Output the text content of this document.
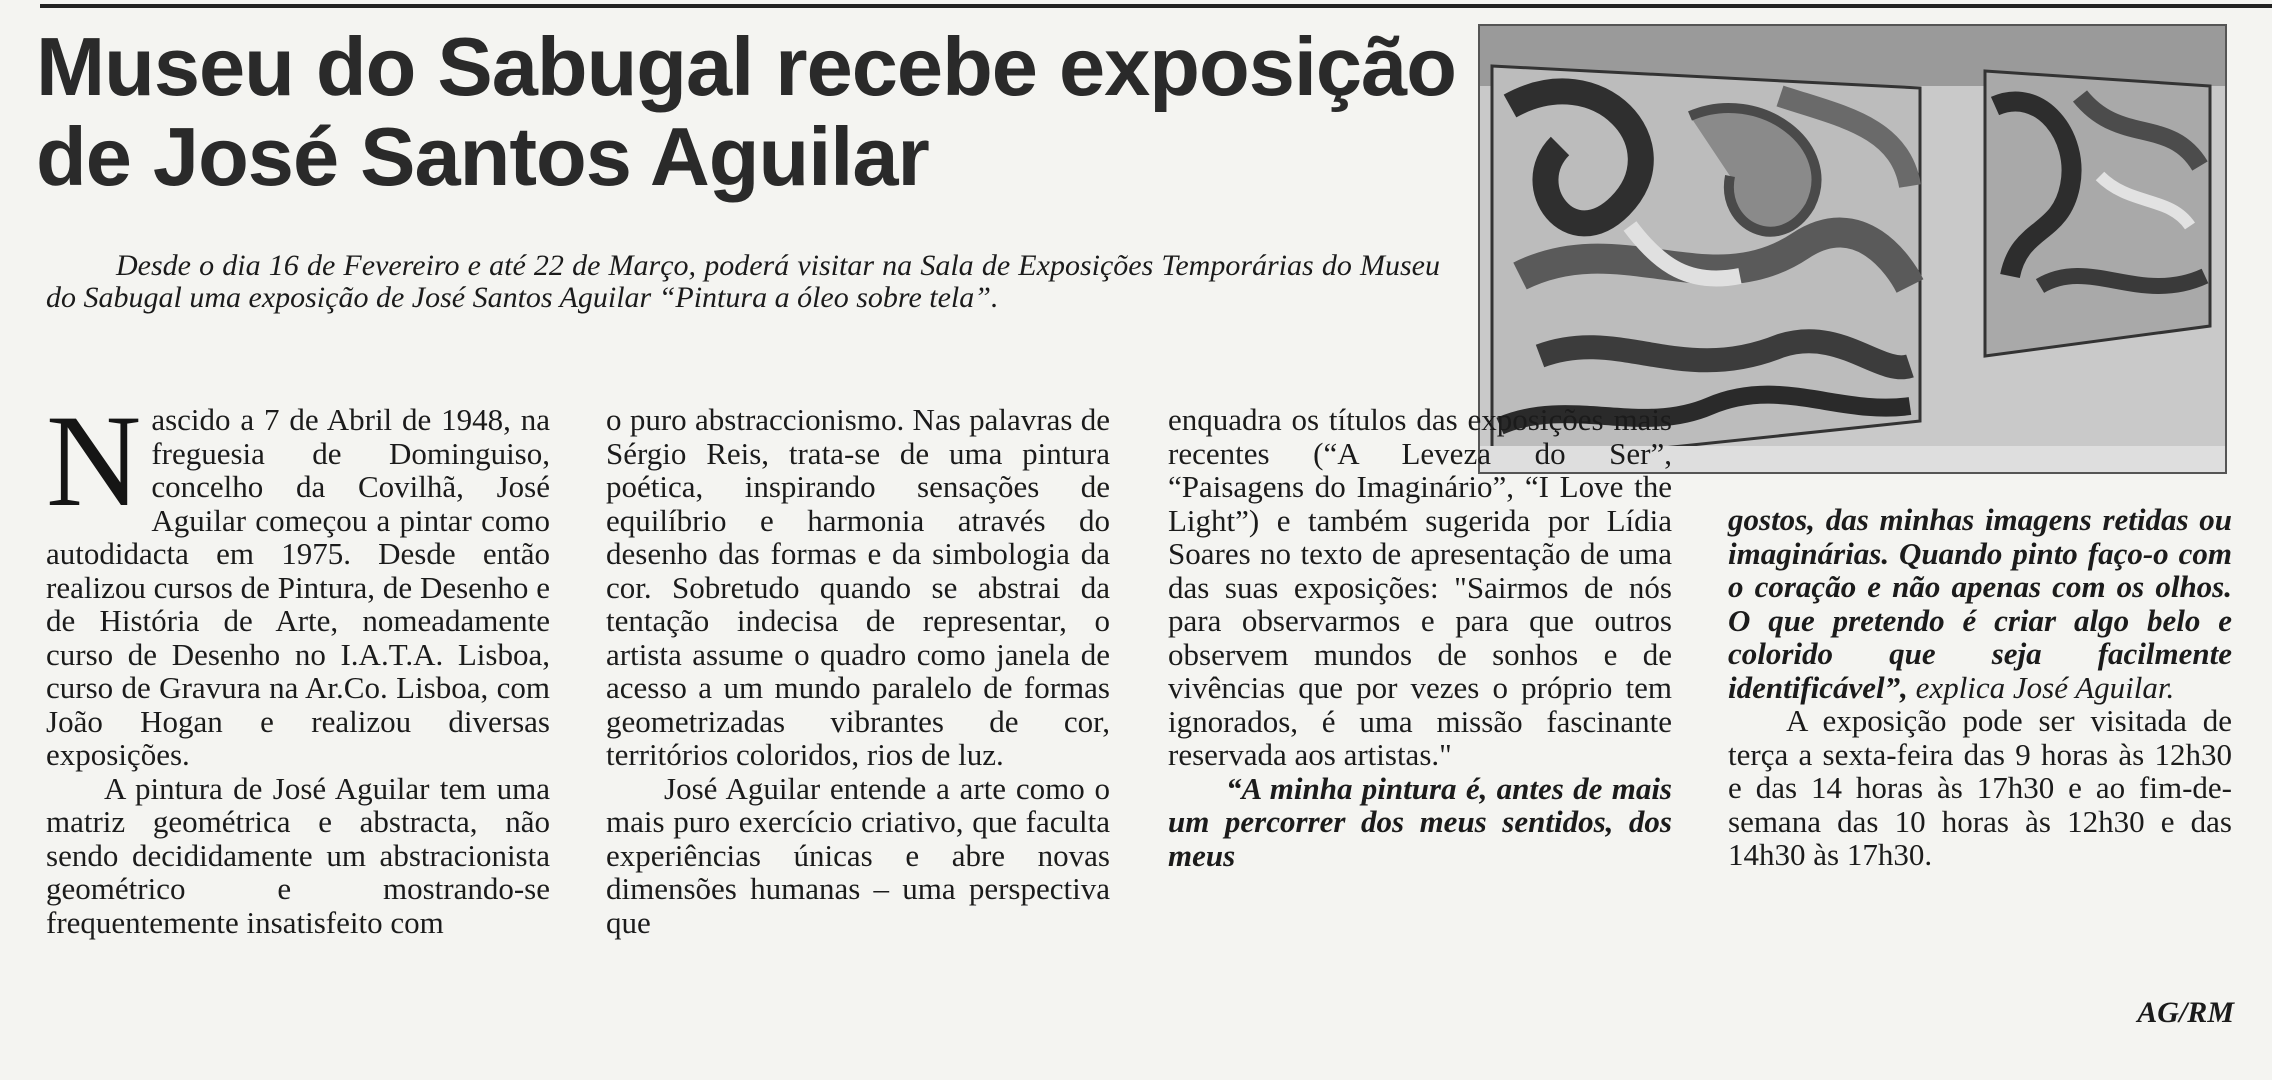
Museu do Sabugal recebe exposição de José Santos Aguilar

Desde o dia 16 de Fevereiro e até 22 de Março, poderá visitar na Sala de Exposições Temporárias do Museu do Sabugal uma exposição de José Santos Aguilar “Pintura a óleo sobre tela”.

Nascido a 7 de Abril de 1948, na freguesia de Dominguiso, concelho da Covilhã, José Aguilar começou a pintar como autodidacta em 1975. Desde então realizou cursos de Pintura, de Desenho e de História de Arte, nomeadamente curso de Desenho no I.A.T.A. Lisboa, curso de Gravura na Ar.Co. Lisboa, com João Hogan e realizou diversas exposições.

A pintura de José Aguilar tem uma matriz geométrica e abstracta, não sendo decididamente um abstracionista geométrico e mostrando-se frequentemente insatisfeito com

o puro abstraccionismo. Nas palavras de Sérgio Reis, trata-se de uma pintura poética, inspirando sensações de equilíbrio e harmonia através do desenho das formas e da simbologia da cor. Sobretudo quando se abstrai da tentação indecisa de representar, o artista assume o quadro como janela de acesso a um mundo paralelo de formas geometrizadas vibrantes de cor, territórios coloridos, rios de luz.

José Aguilar entende a arte como o mais puro exercício criativo, que faculta experiências únicas e abre novas dimensões humanas – uma perspectiva que

enquadra os títulos das exposições mais recentes (“A Leveza do Ser”, “Paisagens do Imaginário”, “I Love the Light”) e também sugerida por Lídia Soares no texto de apresentação de uma das suas exposições: "Sairmos de nós para observarmos e para que outros observem mundos de sonhos e de vivências que por vezes o próprio tem ignorados, é uma missão fascinante reservada aos artistas."

“A minha pintura é, antes de mais um percorrer dos meus sentidos, dos meus

gostos, das minhas imagens retidas ou imaginárias. Quando pinto faço-o com o coração e não apenas com os olhos. O que pretendo é criar algo belo e colorido que seja facilmente identificável”, explica José Aguilar.

A exposição pode ser visitada de terça a sexta-feira das 9 horas às 12h30 e das 14 horas às 17h30 e ao fim-de-semana das 10 horas às 12h30 e das 14h30 às 17h30.

AG/RM
